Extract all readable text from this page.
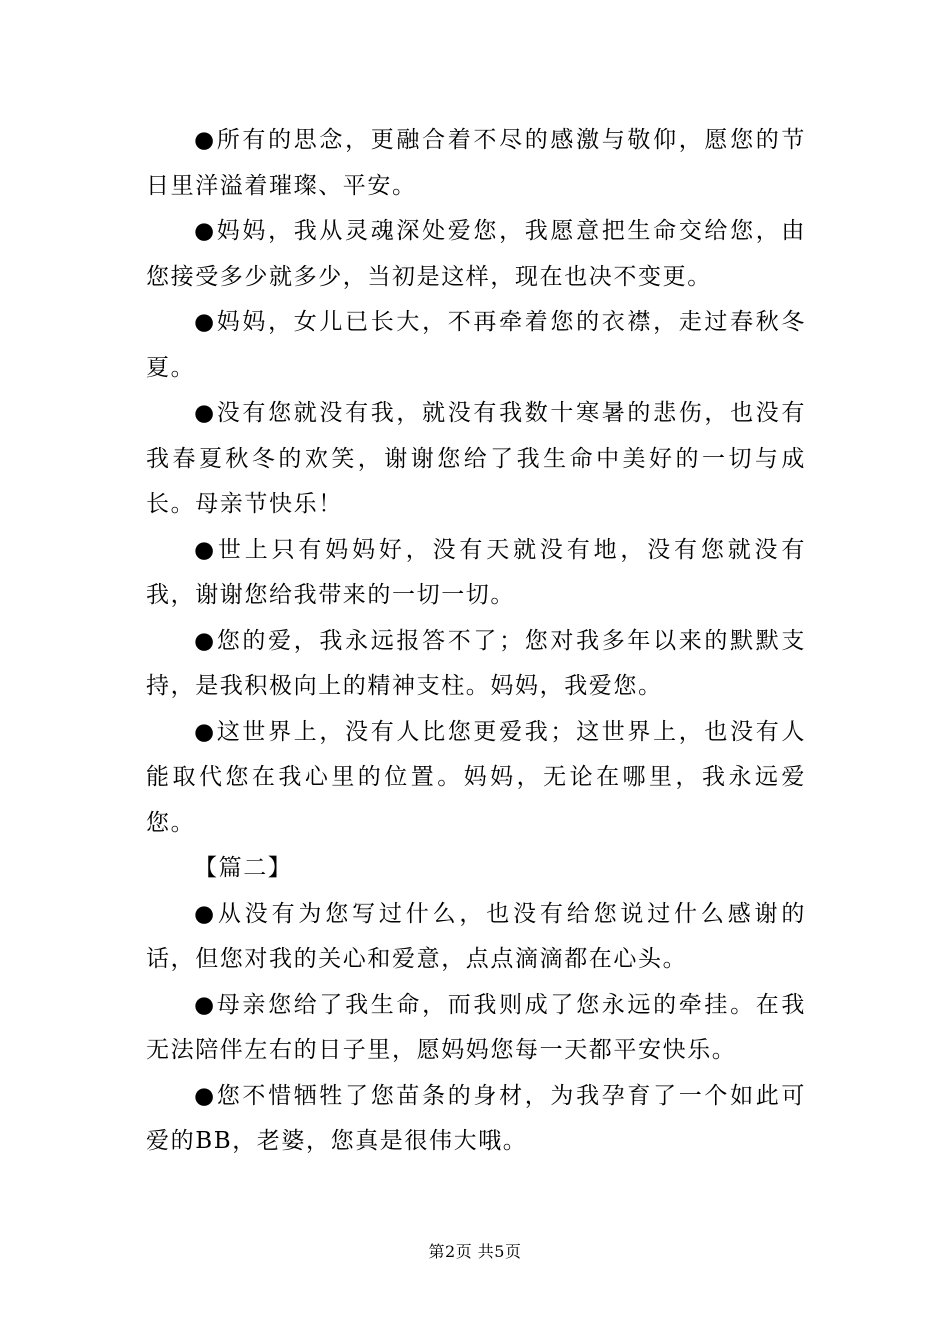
●所有的思念，更融合着不尽的感激与敬仰，愿您的节日里洋溢着璀璨、平安。

●妈妈，我从灵魂深处爱您，我愿意把生命交给您，由您接受多少就多少，当初是这样，现在也决不变更。

●妈妈，女儿已长大，不再牵着您的衣襟，走过春秋冬夏。

●没有您就没有我，就没有我数十寒暑的悲伤，也没有我春夏秋冬的欢笑，谢谢您给了我生命中美好的一切与成长。母亲节快乐！

●世上只有妈妈好，没有天就没有地，没有您就没有我，谢谢您给我带来的一切一切。

●您的爱，我永远报答不了；您对我多年以来的默默支持，是我积极向上的精神支柱。妈妈，我爱您。

●这世界上，没有人比您更爱我；这世界上，也没有人能取代您在我心里的位置。妈妈，无论在哪里，我永远爱您。

【篇二】

●从没有为您写过什么，也没有给您说过什么感谢的话，但您对我的关心和爱意，点点滴滴都在心头。

●母亲您给了我生命，而我则成了您永远的牵挂。在我无法陪伴左右的日子里，愿妈妈您每一天都平安快乐。

●您不惜牺牲了您苗条的身材，为我孕育了一个如此可爱的BB，老婆，您真是很伟大哦。

第2页 共5页
